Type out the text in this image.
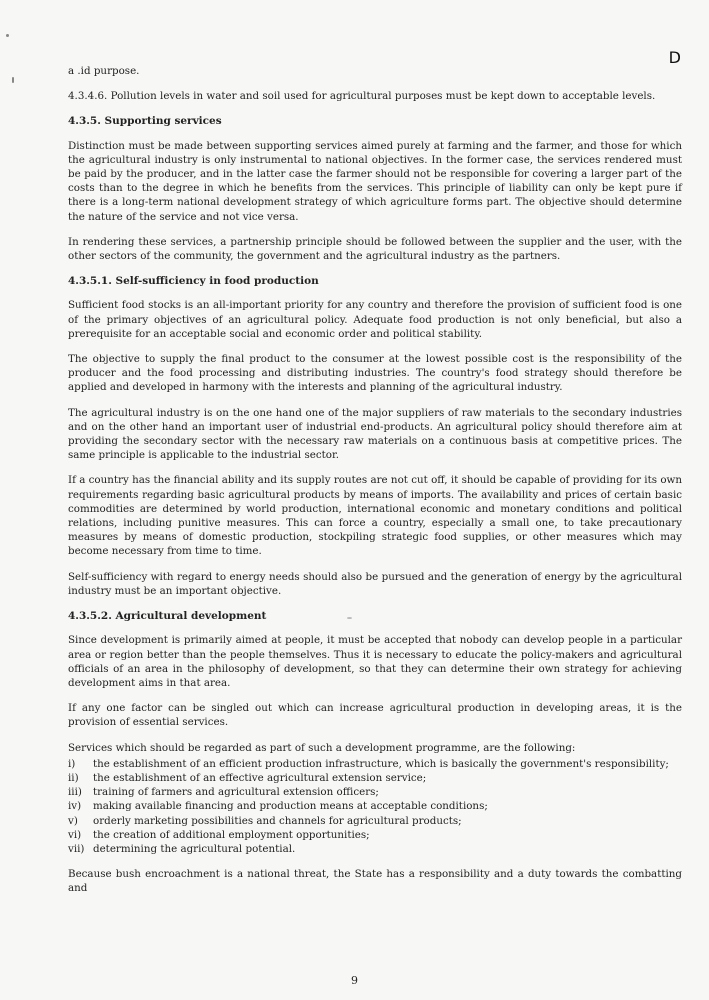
D

a .id purpose.

4.3.4.6. Pollution levels in water and soil used for agricultural purposes must be kept down to acceptable levels.

4.3.5. Supporting services

Distinction must be made between supporting services aimed purely at farming and the farmer, and those for which the agricultural industry is only instrumental to national objectives. In the former case, the services rendered must be paid by the producer, and in the latter case the farmer should not be responsible for covering a larger part of the costs than to the degree in which he benefits from the services. This principle of liability can only be kept pure if there is a long-term national development strategy of which agriculture forms part. The objective should determine the nature of the service and not vice versa.

In rendering these services, a partnership principle should be followed between the supplier and the user, with the other sectors of the community, the government and the agricultural industry as the partners.

4.3.5.1. Self-sufficiency in food production

Sufficient food stocks is an all-important priority for any country and therefore the provision of sufficient food is one of the primary objectives of an agricultural policy. Adequate food production is not only beneficial, but also a prerequisite for an acceptable social and economic order and political stability.

The objective to supply the final product to the consumer at the lowest possible cost is the responsibility of the producer and the food processing and distributing industries. The country's food strategy should therefore be applied and developed in harmony with the interests and planning of the agricultural industry.

The agricultural industry is on the one hand one of the major suppliers of raw materials to the secondary industries and on the other hand an important user of industrial end-products. An agricultural policy should therefore aim at providing the secondary sector with the necessary raw materials on a continuous basis at competitive prices. The same principle is applicable to the industrial sector.

If a country has the financial ability and its supply routes are not cut off, it should be capable of providing for its own requirements regarding basic agricultural products by means of imports. The availability and prices of certain basic commodities are determined by world production, international economic and monetary conditions and political relations, including punitive measures. This can force a country, especially a small one, to take precautionary measures by means of domestic production, stockpiling strategic food supplies, or other measures which may become necessary from time to time.

Self-sufficiency with regard to energy needs should also be pursued and the generation of energy by the agricultural industry must be an important objective.

4.3.5.2. Agricultural development

Since development is primarily aimed at people, it must be accepted that nobody can develop people in a particular area or region better than the people themselves. Thus it is necessary to educate the policy-makers and agricultural officials of an area in the philosophy of development, so that they can determine their own strategy for achieving development aims in that area.

If any one factor can be singled out which can increase agricultural production in developing areas, it is the provision of essential services.

Services which should be regarded as part of such a development programme, are the following:

i)	the establishment of an efficient production infrastructure, which is basically the government's responsibility;
ii)	the establishment of an effective agricultural extension service;
iii)	training of farmers and agricultural extension officers;
iv)	making available financing and production means at acceptable conditions;
v)	orderly marketing possibilities and channels for agricultural products;
vi)	the creation of additional employment opportunities;
vii) determining the agricultural potential.

Because bush encroachment is a national threat, the State has a responsibility and a duty towards the combatting and

9
